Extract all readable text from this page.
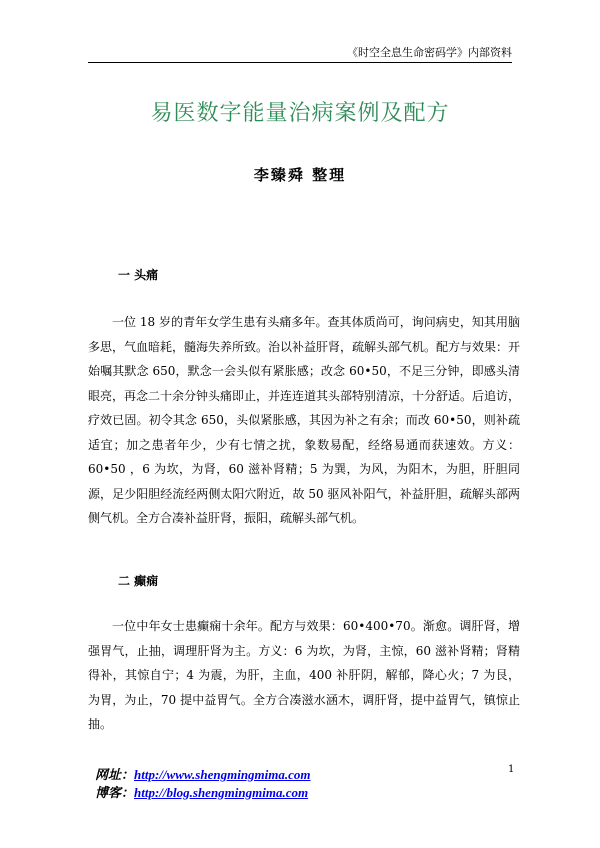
《时空全息生命密码学》内部资料
易医数字能量治病案例及配方
李臻舜 整理
一 头痛
一位 18 岁的青年女学生患有头痛多年。查其体质尚可，询问病史，知其用脑多思，气血暗耗，髓海失养所致。治以补益肝肾，疏解头部气机。配方与效果：开始嘱其默念 650，默念一会头似有紧胀感；改念 60•50，不足三分钟，即感头清眼亮，再念二十余分钟头痛即止，并连连道其头部特别清凉，十分舒适。后追访，疗效已固。初令其念 650，头似紧胀感，其因为补之有余；而改 60•50，则补疏适宜；加之患者年少，少有七情之扰，象数易配，经络易通而获速效。方义：60•50 ，6 为坎，为肾，60 滋补肾精；5 为巽，为风，为阳木，为胆，肝胆同源，足少阳胆经流经两侧太阳穴附近，故 50 驱风补阳气，补益肝胆，疏解头部两侧气机。全方合凑补益肝肾，振阳，疏解头部气机。
二 癫痫
一位中年女士患癫痫十余年。配方与效果：60•400•70。渐愈。调肝肾，增强胃气，止抽，调理肝肾为主。方义：6 为坎，为肾，主惊，60 滋补肾精；肾精得补，其惊自宁；4 为震，为肝，主血，400 补肝阴，解郁，降心火；7 为艮，为胃，为止，70 提中益胃气。全方合凑滋水涵木，调肝肾，提中益胃气，镇惊止抽。
1
网址：http://www.shengmingmima.com
博客：http://blog.shengmingmima.com
